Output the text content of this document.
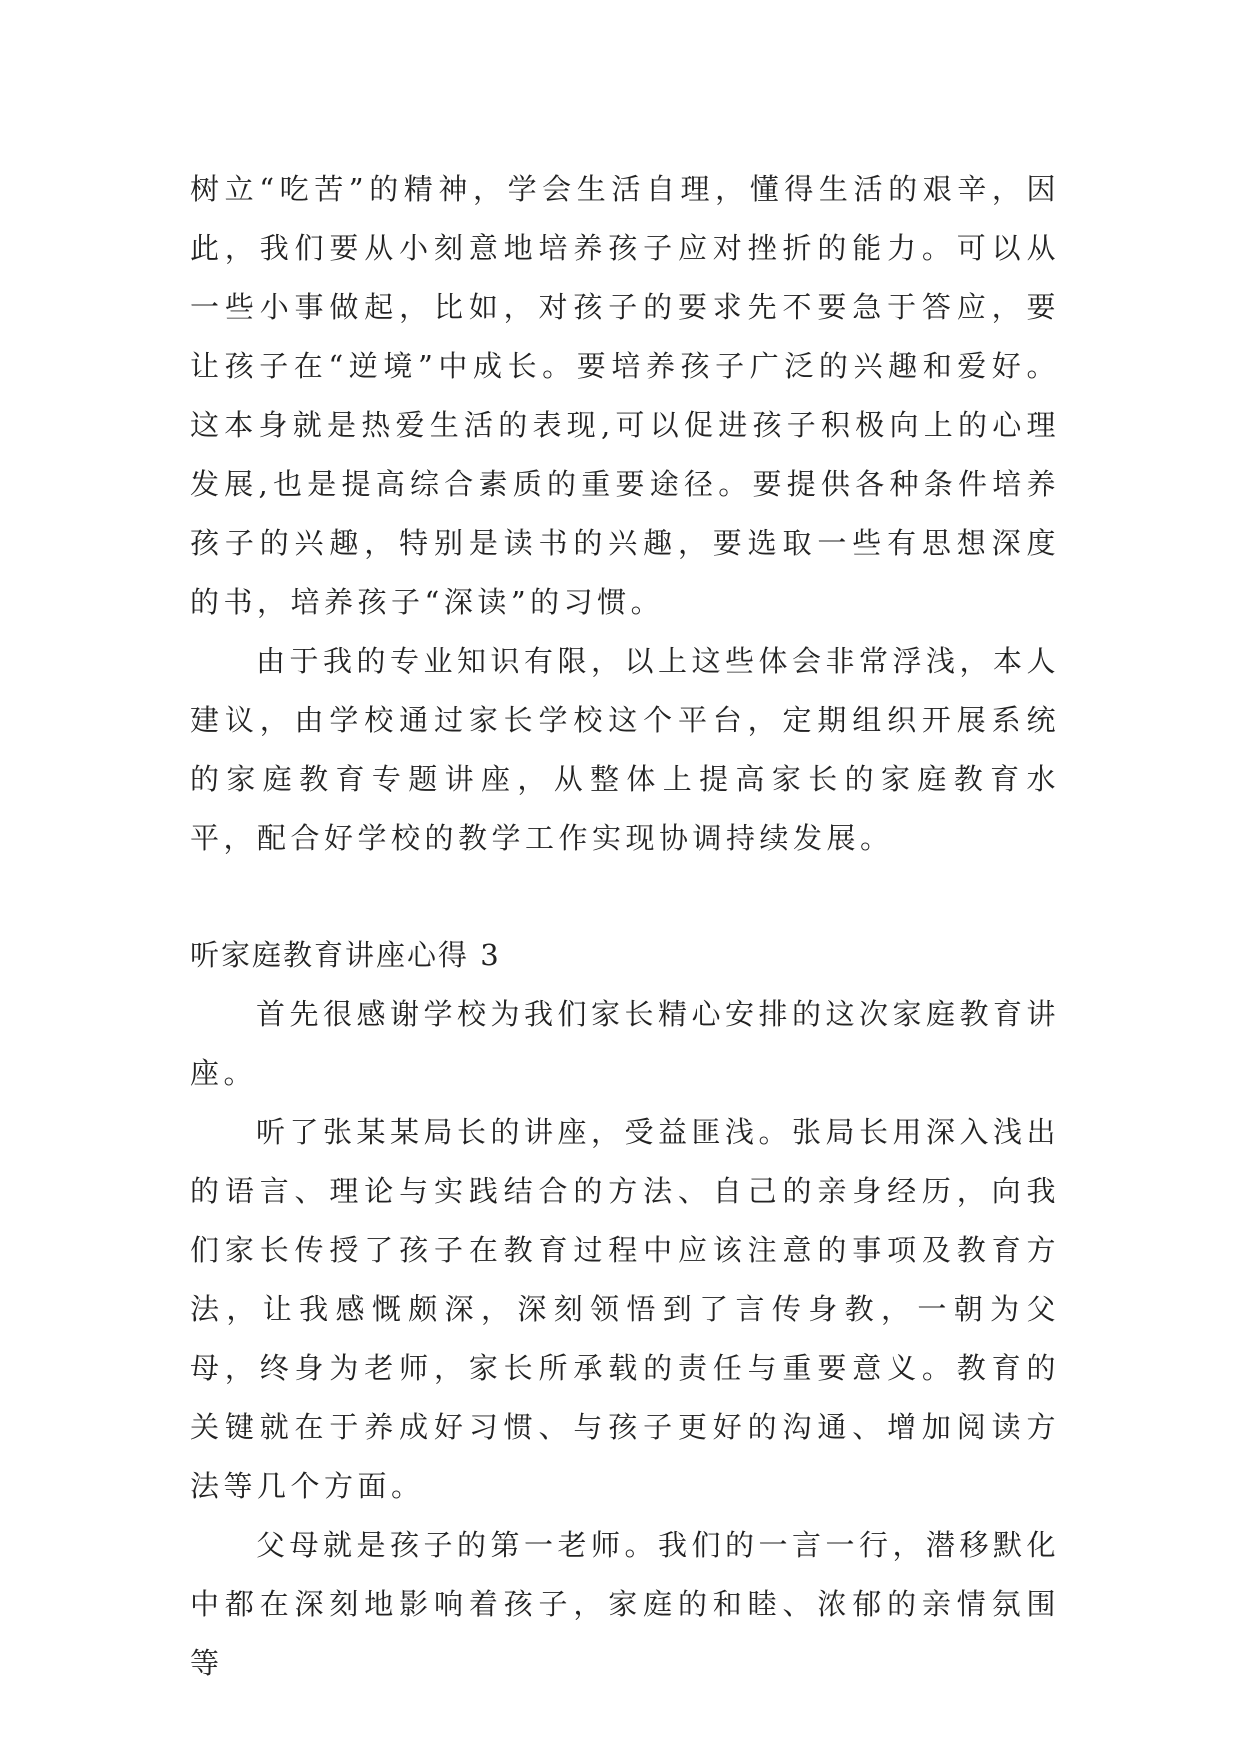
树立“吃苦”的精神，学会生活自理，懂得生活的艰辛，因此，我们要从小刻意地培养孩子应对挫折的能力。可以从一些小事做起，比如，对孩子的要求先不要急于答应，要让孩子在“逆境”中成长。要培养孩子广泛的兴趣和爱好。这本身就是热爱生活的表现,可以促进孩子积极向上的心理发展,也是提高综合素质的重要途径。要提供各种条件培养孩子的兴趣，特别是读书的兴趣，要选取一些有思想深度的书，培养孩子“深读”的习惯。

由于我的专业知识有限，以上这些体会非常浮浅，本人建议，由学校通过家长学校这个平台，定期组织开展系统的家庭教育专题讲座，从整体上提高家长的家庭教育水平，配合好学校的教学工作实现协调持续发展。

听家庭教育讲座心得 3

首先很感谢学校为我们家长精心安排的这次家庭教育讲座。

听了张某某局长的讲座，受益匪浅。张局长用深入浅出的语言、理论与实践结合的方法、自己的亲身经历，向我们家长传授了孩子在教育过程中应该注意的事项及教育方法，让我感慨颇深，深刻领悟到了言传身教，一朝为父母，终身为老师，家长所承载的责任与重要意义。教育的关键就在于养成好习惯、与孩子更好的沟通、增加阅读方法等几个方面。

父母就是孩子的第一老师。我们的一言一行，潜移默化中都在深刻地影响着孩子，家庭的和睦、浓郁的亲情氛围等
